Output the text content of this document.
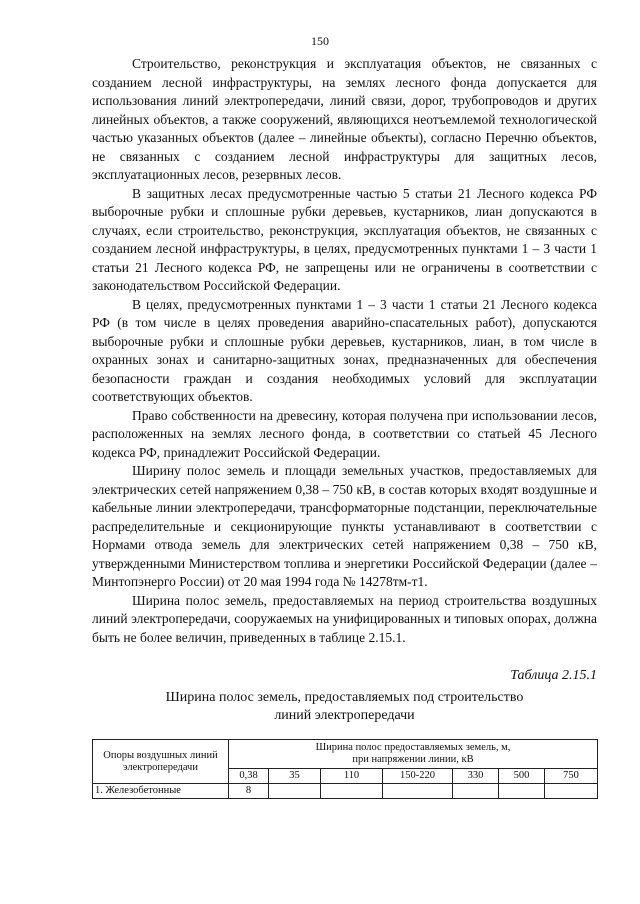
150

Строительство, реконструкция и эксплуатация объектов, не связанных с созданием лесной инфраструктуры, на землях лесного фонда допускается для использования линий электропередачи, линий связи, дорог, трубопроводов и других линейных объектов, а также сооружений, являющихся неотъемлемой технологической частью указанных объектов (далее – линейные объекты), согласно Перечню объектов, не связанных с созданием лесной инфраструктуры для защитных лесов, эксплуатационных лесов, резервных лесов.

В защитных лесах предусмотренные частью 5 статьи 21 Лесного кодекса РФ выборочные рубки и сплошные рубки деревьев, кустарников, лиан допускаются в случаях, если строительство, реконструкция, эксплуатация объектов, не связанных с созданием лесной инфраструктуры, в целях, предусмотренных пунктами 1 – 3 части 1 статьи 21 Лесного кодекса РФ, не запрещены или не ограничены в соответствии с законодательством Российской Федерации.

В целях, предусмотренных пунктами 1 – 3 части 1 статьи 21 Лесного кодекса РФ (в том числе в целях проведения аварийно-спасательных работ), допускаются выборочные рубки и сплошные рубки деревьев, кустарников, лиан, в том числе в охранных зонах и санитарно-защитных зонах, предназначенных для обеспечения безопасности граждан и создания необходимых условий для эксплуатации соответствующих объектов.

Право собственности на древесину, которая получена при использовании лесов, расположенных на землях лесного фонда, в соответствии со статьей 45 Лесного кодекса РФ, принадлежит Российской Федерации.

Ширину полос земель и площади земельных участков, предоставляемых для электрических сетей напряжением 0,38 – 750 кВ, в состав которых входят воздушные и кабельные линии электропередачи, трансформаторные подстанции, переключательные распределительные и секционирующие пункты устанавливают в соответствии с Нормами отвода земель для электрических сетей напряжением 0,38 – 750 кВ, утвержденными Министерством топлива и энергетики Российской Федерации (далее – Минтопэнерго России) от 20 мая 1994 года № 14278тм-т1.

Ширина полос земель, предоставляемых на период строительства воздушных линий электропередачи, сооружаемых на унифицированных и типовых опорах, должна быть не более величин, приведенных в таблице 2.15.1.

Таблица 2.15.1
Ширина полос земель, предоставляемых под строительство
линий электропередачи
Опоры воздушных линий электропередачи	Ширина полос предоставляемых земель, м,
при напряжении линии, кВ						

	0,38	35	110	150-220	330	500	750
1. Железобетонные	8						
